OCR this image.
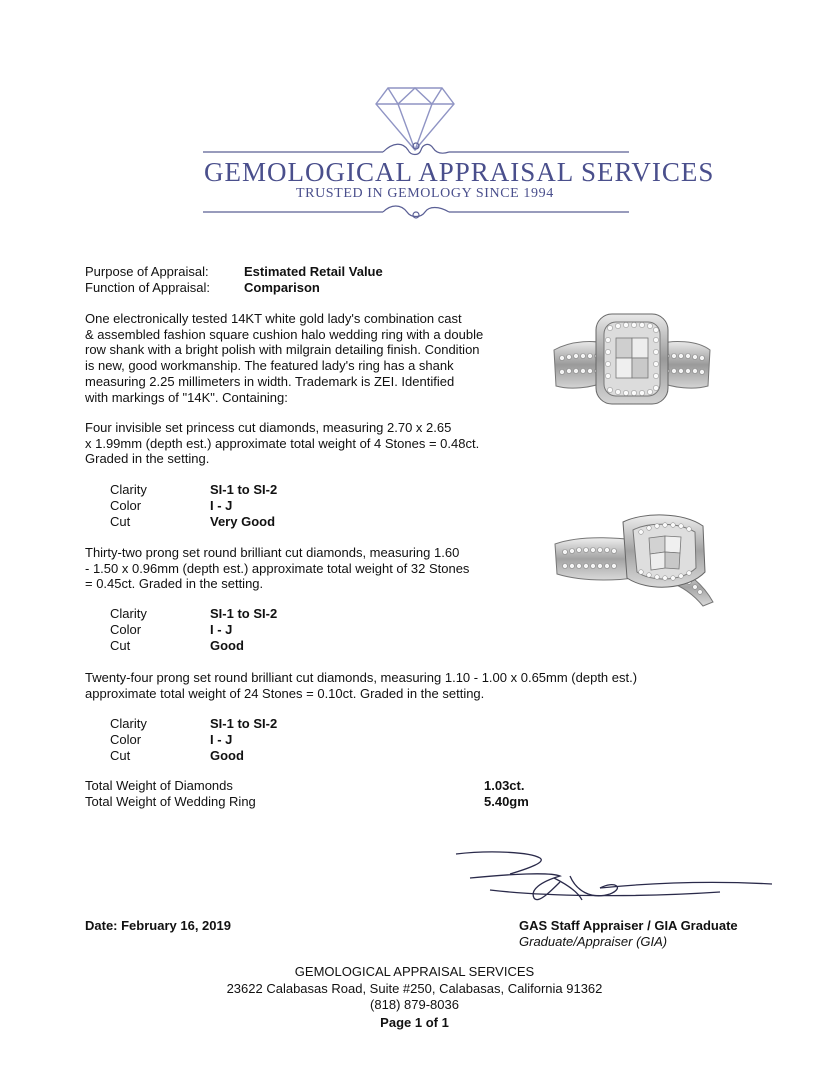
GEMOLOGICAL APPRAISAL SERVICES
TRUSTED IN GEMOLOGY SINCE 1994
Purpose of Appraisal:	Estimated Retail Value
Function of Appraisal:	Comparison
One electronically tested 14KT white gold lady's combination cast
& assembled fashion square cushion halo wedding ring with a double
row shank with a bright polish with milgrain detailing finish. Condition
is new, good workmanship. The featured lady's ring has a shank
measuring 2.25 millimeters in width. Trademark is ZEI. Identified
with markings of "14K". Containing:
Four invisible set princess cut diamonds, measuring 2.70 x 2.65
x 1.99mm (depth est.) approximate total weight of 4 Stones = 0.48ct.
Graded in the setting.
Clarity	SI-1 to SI-2
Color	I - J
Cut	Very Good
Thirty-two prong set round brilliant cut diamonds, measuring 1.60
- 1.50 x 0.96mm (depth est.) approximate total weight of 32 Stones
= 0.45ct. Graded in the setting.
Clarity	SI-1 to SI-2
Color	I - J
Cut	Good
Twenty-four prong set round brilliant cut diamonds, measuring 1.10 - 1.00 x 0.65mm (depth est.)
approximate total weight of 24 Stones = 0.10ct. Graded in the setting.
Clarity	SI-1 to SI-2
Color	I - J
Cut	Good
Total Weight of Diamonds	1.03ct.
Total Weight of Wedding Ring	5.40gm
Date: February 16, 2019	GAS Staff Appraiser / GIA Graduate
Graduate/Appraiser (GIA)
GEMOLOGICAL APPRAISAL SERVICES
23622 Calabasas Road, Suite #250, Calabasas, California 91362
(818) 879-8036
Page 1 of 1
